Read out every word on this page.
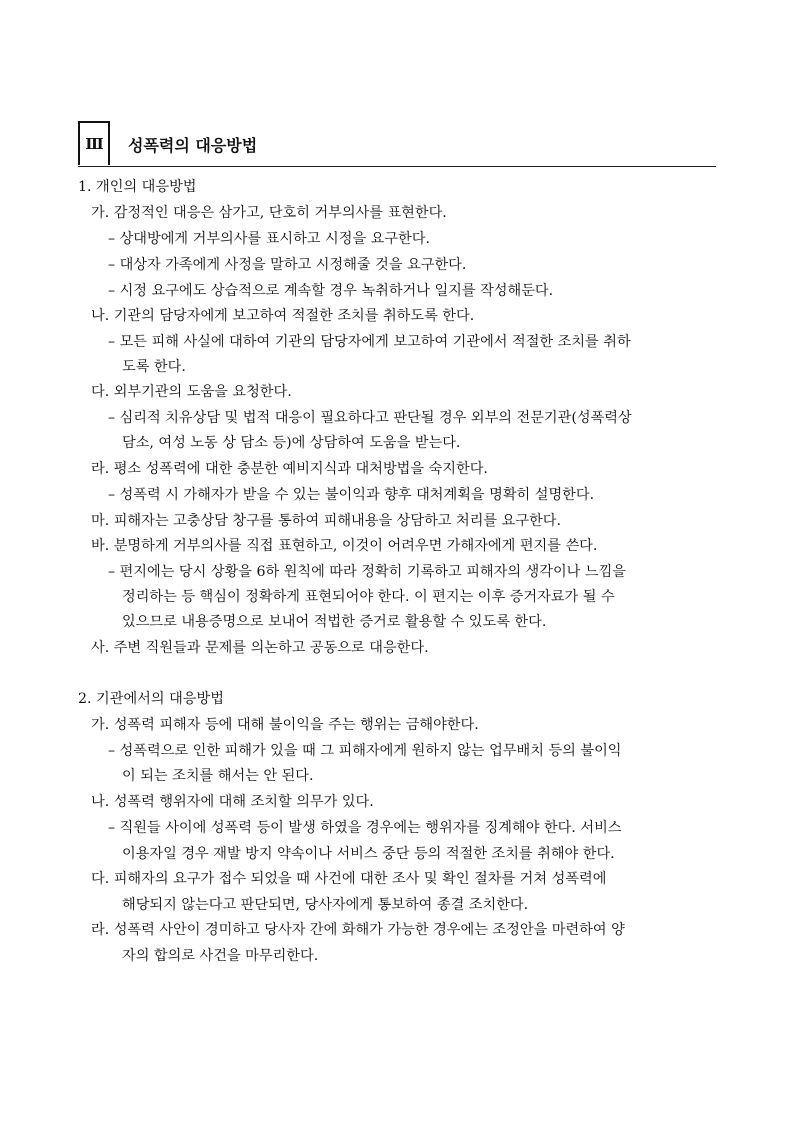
Ⅲ	성폭력의 대응방법
1. 개인의 대응방법
가. 감정적인 대응은 삼가고, 단호히 거부의사를 표현한다.
– 상대방에게 거부의사를 표시하고 시정을 요구한다.
– 대상자 가족에게 사정을 말하고 시정해줄 것을 요구한다.
– 시정 요구에도 상습적으로 계속할 경우 녹취하거나 일지를 작성해둔다.
나. 기관의 담당자에게 보고하여 적절한 조치를 취하도록 한다.
– 모든 피해 사실에 대하여 기관의 담당자에게 보고하여 기관에서 적절한 조치를 취하
도록 한다.
다. 외부기관의 도움을 요청한다.
– 심리적 치유상담 및 법적 대응이 필요하다고 판단될 경우 외부의 전문기관(성폭력상
담소, 여성 노동 상 담소 등)에 상담하여 도움을 받는다.
라. 평소 성폭력에 대한 충분한 예비지식과 대처방법을 숙지한다.
– 성폭력 시 가해자가 받을 수 있는 불이익과 향후 대처계획을 명확히 설명한다.
마. 피해자는 고충상담 창구를 통하여 피해내용을 상담하고 처리를 요구한다.
바. 분명하게 거부의사를 직접 표현하고, 이것이 어려우면 가해자에게 편지를 쓴다.
– 편지에는 당시 상황을 6하 원칙에 따라 정확히 기록하고 피해자의 생각이나 느낌을
정리하는 등 핵심이 정확하게 표현되어야 한다. 이 편지는 이후 증거자료가 될 수
있으므로 내용증명으로 보내어 적법한 증거로 활용할 수 있도록 한다.
사. 주변 직원들과 문제를 의논하고 공동으로 대응한다.
2. 기관에서의 대응방법
가. 성폭력 피해자 등에 대해 불이익을 주는 행위는 금해야한다.
– 성폭력으로 인한 피해가 있을 때 그 피해자에게 원하지 않는 업무배치 등의 불이익
이 되는 조치를 해서는 안 된다.
나. 성폭력 행위자에 대해 조치할 의무가 있다.
– 직원들 사이에 성폭력 등이 발생 하였을 경우에는 행위자를 징계해야 한다. 서비스
이용자일 경우 재발 방지 약속이나 서비스 중단 등의 적절한 조치를 취해야 한다.
다. 피해자의 요구가 접수 되었을 때 사건에 대한 조사 및 확인 절차를 거쳐 성폭력에
해당되지 않는다고 판단되면, 당사자에게 통보하여 종결 조치한다.
라. 성폭력 사안이 경미하고 당사자 간에 화해가 가능한 경우에는 조정안을 마련하여 양
자의 합의로 사건을 마무리한다.
